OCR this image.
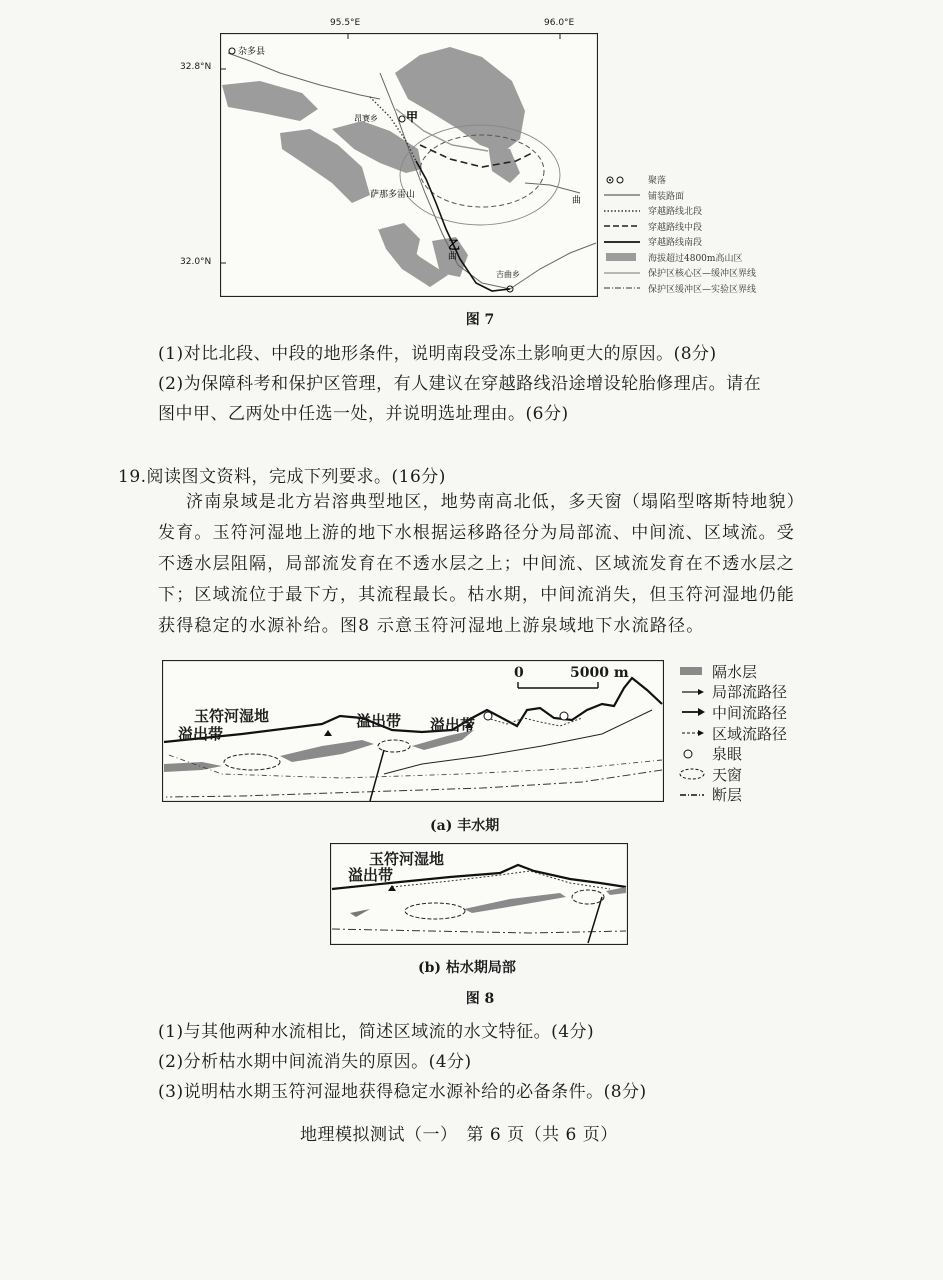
95.5°E	96.0°E
32.8°N
32.0°N
杂多县
昂赛乡 甲
萨那多雷山
乙
吉曲乡
曲
曲
聚落
铺装路面
穿越路线北段
穿越路线中段
穿越路线南段
海拔超过4800m高山区
保护区核心区—缓冲区界线
保护区缓冲区—实验区界线
图 7
(1)对比北段、中段的地形条件，说明南段受冻土影响更大的原因。(8分)
(2)为保障科考和保护区管理，有人建议在穿越路线沿途增设轮胎修理店。请在
图中甲、乙两处中任选一处，并说明选址理由。(6分)
19.阅读图文资料，完成下列要求。(16分)
济南泉域是北方岩溶典型地区，地势南高北低，多天窗（塌陷型喀斯特地貌）
发育。玉符河湿地上游的地下水根据运移路径分为局部流、中间流、区域流。受
不透水层阻隔，局部流发育在不透水层之上；中间流、区域流发育在不透水层之
下；区域流位于最下方，其流程最长。枯水期，中间流消失，但玉符河湿地仍能
获得稳定的水源补给。图8 示意玉符河湿地上游泉域地下水流路径。
0	5000 m
玉符河湿地
溢出带
溢出带 溢出带
隔水层
局部流路径
中间流路径
区域流路径
泉眼
天窗
断层
(a) 丰水期
玉符河湿地
溢出带
(b) 枯水期局部
图 8
(1)与其他两种水流相比，简述区域流的水文特征。(4分)
(2)分析枯水期中间流消失的原因。(4分)
(3)说明枯水期玉符河湿地获得稳定水源补给的必备条件。(8分)
地理模拟测试（一）　第 6 页（共 6 页）
